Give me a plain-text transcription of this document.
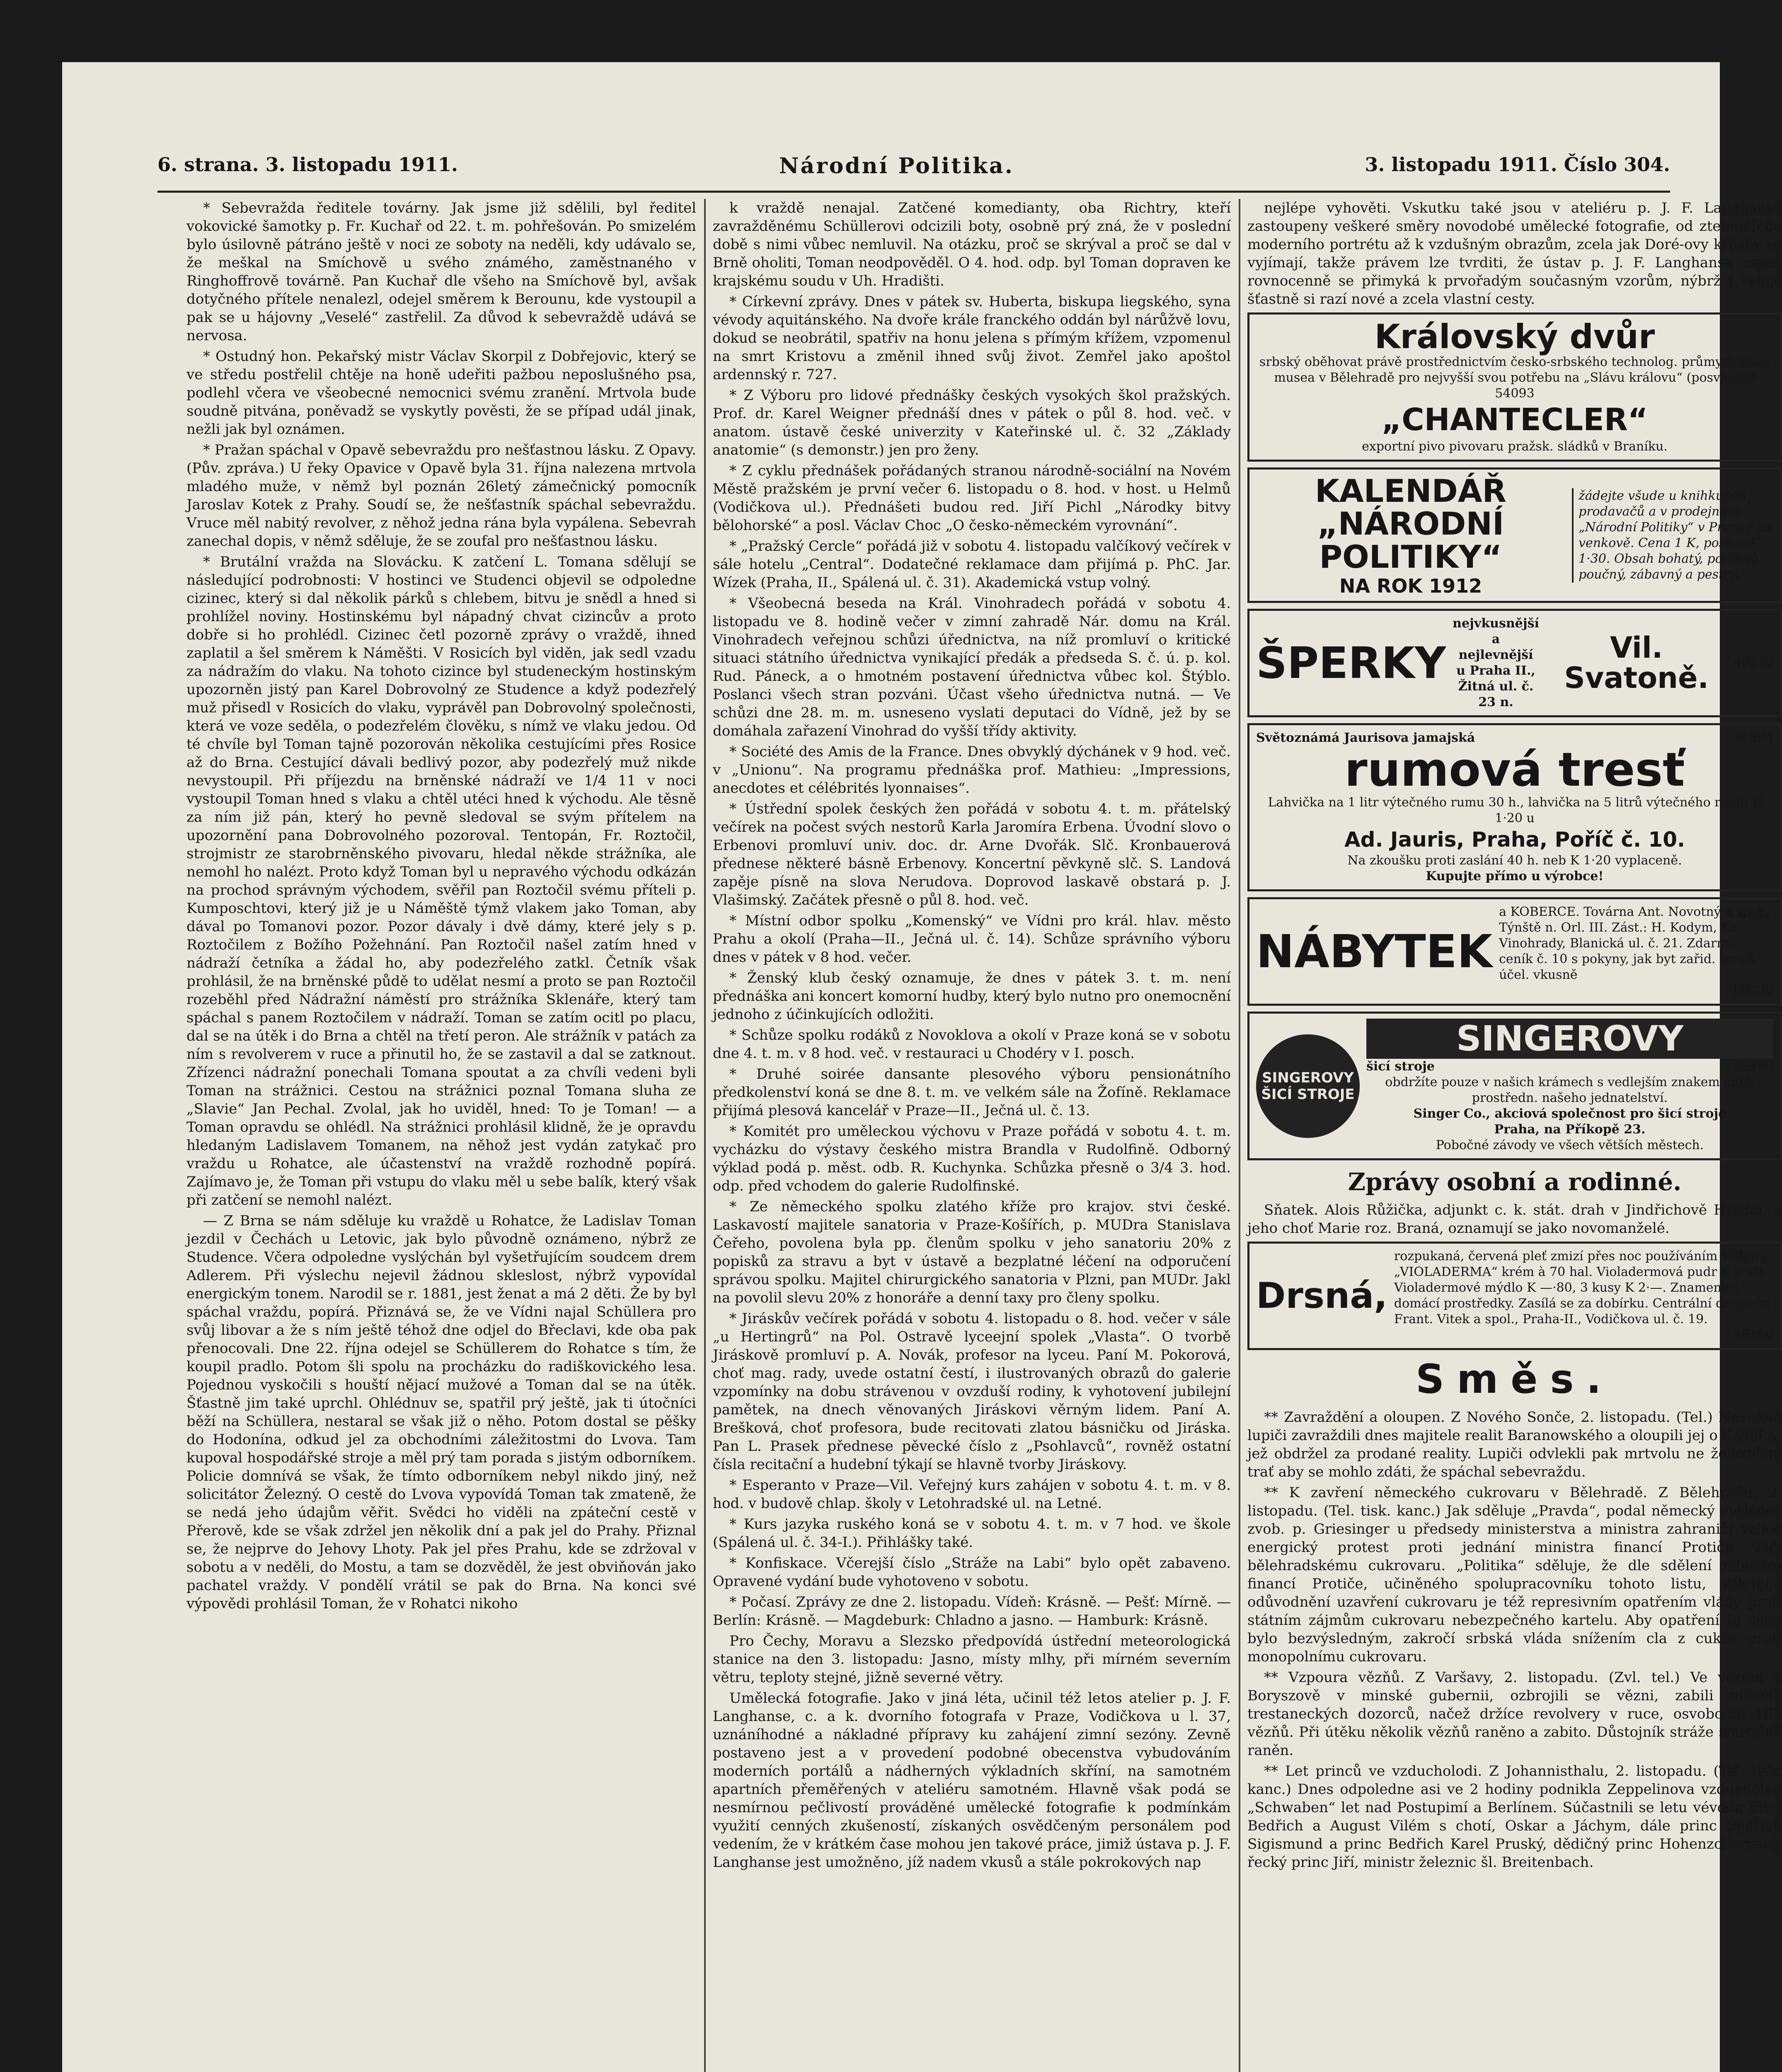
6. strana. 3. listopadu 1911.	Národní Politika.	3. listopadu 1911. Číslo 304.

* Sebevražda ředitele továrny. Jak jsme již sdělili, byl ředitel vokovické šamotky p. Fr. Kuchař od 22. t. m. pohřešován. Po smizelém bylo úsilovně pátráno ještě v noci ze soboty na neděli, kdy udávalo se, že meškal na Smíchově u svého známého, zaměstnaného v Ringhoffrově továrně. Pan Kuchař dle všeho na Smíchově byl, avšak dotyčného přítele nenalezl, odejel směrem k Berounu, kde vystoupil a pak se u hájovny „Veselé“ zastřelil. Za důvod k sebevraždě udává se nervosa.

* Ostudný hon. Pekařský mistr Václav Skorpil z Dobřejovic, který se ve středu postřelil chtěje na honě udeřiti pažbou neposlušného psa, podlehl včera ve všeobecné nemocnici svému zranění. Mrtvola bude soudně pitvána, poněvadž se vyskytly pověsti, že se případ udál jinak, nežli jak byl oznámen.

* Pražan spáchal v Opavě sebevraždu pro nešťastnou lásku. Z Opavy. (Pův. zpráva.) U řeky Opavice v Opavě byla 31. října nalezena mrtvola mladého muže, v němž byl poznán 26letý zámečnický pomocník Jaroslav Kotek z Prahy. Soudí se, že nešťastník spáchal sebevraždu. Vruce měl nabitý revolver, z něhož jedna rána byla vypálena. Sebevrah zanechal dopis, v němž sděluje, že se zoufal pro nešťastnou lásku.

* Brutální vražda na Slovácku. K zatčení L. Tomana sdělují se následující podrobnosti: V hostinci ve Studenci objevil se odpoledne cizinec, který si dal několik párků s chlebem, bitvu je snědl a hned si prohlížel noviny. Hostinskému byl nápadný chvat cizincův a proto dobře si ho prohlédl. Cizinec četl pozorně zprávy o vraždě, ihned zaplatil a šel směrem k Náměšti. V Rosicích byl viděn, jak sedl vzadu za nádražím do vlaku. Na tohoto cizince byl studeneckým hostinským upozorněn jistý pan Karel Dobrovolný ze Studence a když podezřelý muž přisedl v Rosicích do vlaku, vyprávěl pan Dobrovolný společnosti, která ve voze seděla, o podezřelém člověku, s nímž ve vlaku jedou. Od té chvíle byl Toman tajně pozorován několika cestujícími přes Rosice až do Brna. Cestující dávali bedlivý pozor, aby podezřelý muž nikde nevystoupil. Při příjezdu na brněnské nádraží ve 1/4 11 v noci vystoupil Toman hned s vlaku a chtěl utéci hned k východu. Ale těsně za ním již pán, který ho pevně sledoval se svým přítelem na upozornění pana Dobrovolného pozoroval. Tentopán, Fr. Roztočil, strojmistr ze starobrněnského pivovaru, hledal někde strážníka, ale nemohl ho nalézt. Proto když Toman byl u nepravého východu odkázán na prochod správným východem, svěřil pan Roztočil svému příteli p. Kumposchtovi, který již je u Náměště týmž vlakem jako Toman, aby dával po Tomanovi pozor. Pozor dávaly i dvě dámy, které jely s p. Roztočilem z Božího Požehnání. Pan Roztočil našel zatím hned v nádraží četníka a žádal ho, aby podezřelého zatkl. Četník však prohlásil, že na brněnské půdě to udělat nesmí a proto se pan Roztočil rozeběhl před Nádražní náměstí pro strážníka Sklenáře, který tam spáchal s panem Roztočilem v nádraží. Toman se zatím ocitl po placu, dal se na útěk i do Brna a chtěl na třetí peron. Ale strážník v patách za ním s revolverem v ruce a přinutil ho, že se zastavil a dal se zatknout. Zřízenci nádražní ponechali Tomana spoutat a za chvíli vedeni byli Toman na strážnici. Cestou na strážnici poznal Tomana sluha ze „Slavie“ Jan Pechal. Zvolal, jak ho uviděl, hned: To je Toman! — a Toman opravdu se ohlédl. Na strážnici prohlásil klidně, že je opravdu hledaným Ladislavem Tomanem, na něhož jest vydán zatykač pro vraždu u Rohatce, ale účastenství na vraždě rozhodně popírá. Zajímavo je, že Toman při vstupu do vlaku měl u sebe balík, který však při zatčení se nemohl nalézt.

— Z Brna se nám sděluje ku vraždě u Rohatce, že Ladislav Toman jezdil v Čechách u Letovic, jak bylo původně oznámeno, nýbrž ze Studence. Včera odpoledne vyslýchán byl vyšetřujícím soudcem drem Adlerem. Při výslechu nejevil žádnou skleslost, nýbrž vypovídal energickým tonem. Narodil se r. 1881, jest ženat a má 2 děti. Že by byl spáchal vraždu, popírá. Přiznává se, že ve Vídni najal Schüllera pro svůj libovar a že s ním ještě téhož dne odjel do Břeclavi, kde oba pak přenocovali. Dne 22. října odejel se Schüllerem do Rohatce s tím, že koupil pradlo. Potom šli spolu na procházku do radiškovického lesa. Pojednou vyskočili s houští nějací mužové a Toman dal se na útěk. Šťastně jim také uprchl. Ohlédnuv se, spatřil prý ještě, jak ti útočníci běží na Schüllera, nestaral se však již o něho. Potom dostal se pěšky do Hodonína, odkud jel za obchodními záležitostmi do Lvova. Tam kupoval hospodářské stroje a měl prý tam porada s jistým odborníkem. Policie domnívá se však, že tímto odborníkem nebyl nikdo jiný, než solicitátor Železný. O cestě do Lvova vypovídá Toman tak zmateně, že se nedá jeho údajům věřit. Svědci ho viděli na zpáteční cestě v Přerově, kde se však zdržel jen několik dní a pak jel do Prahy. Přiznal se, že nejprve do Jehovy Lhoty. Pak jel přes Prahu, kde se zdržoval v sobotu a v neděli, do Mostu, a tam se dozvěděl, že jest obviňován jako pachatel vraždy. V pondělí vrátil se pak do Brna. Na konci své výpovědi prohlásil Toman, že v Rohatci nikoho

k vraždě nenajal. Zatčené komedianty, oba Richtry, kteří zavražděnému Schüllerovi odcizili boty, osobně prý zná, že v poslední době s nimi vůbec nemluvil. Na otázku, proč se skrýval a proč se dal v Brně oholiti, Toman neodpověděl. O 4. hod. odp. byl Toman dopraven ke krajskému soudu v Uh. Hradišti.

* Církevní zprávy. Dnes v pátek sv. Huberta, biskupa liegského, syna vévody aquitánského. Na dvoře krále franckého oddán byl nárůžvě lovu, dokud se neobrátil, spatřiv na honu jelena s přímým křížem, vzpomenul na smrt Kristovu a změnil ihned svůj život. Zemřel jako apoštol ardennský r. 727.

* Z Výboru pro lidové přednášky českých vysokých škol pražských. Prof. dr. Karel Weigner přednáší dnes v pátek o půl 8. hod. več. v anatom. ústavě české univerzity v Kateřinské ul. č. 32 „Základy anatomie“ (s demonstr.) jen pro ženy.

* Z cyklu přednášek pořádaných stranou národně-sociální na Novém Městě pražském je první večer 6. listopadu o 8. hod. v host. u Helmů (Vodičkova ul.). Přednášeti budou red. Jiří Pichl „Národky bitvy bělohorské“ a posl. Václav Choc „O česko-německém vyrovnání“.

* „Pražský Cercle“ pořádá již v sobotu 4. listopadu valčíkový večírek v sále hotelu „Central“. Dodatečné reklamace dam přijímá p. PhC. Jar. Wízek (Praha, II., Spálená ul. č. 31). Akademická vstup volný.

* Všeobecná beseda na Král. Vinohradech pořádá v sobotu 4. listopadu ve 8. hodině večer v zimní zahradě Nár. domu na Král. Vinohradech veřejnou schůzi úřednictva, na níž promluví o kritické situaci státního úřednictva vynikající předák a předseda S. č. ú. p. kol. Rud. Páneck, a o hmotném postavení úřednictva vůbec kol. Štýblo. Poslanci všech stran pozváni. Účast všeho úřednictva nutná. — Ve schůzi dne 28. m. m. usneseno vyslati deputaci do Vídně, jež by se domáhala zařazení Vinohrad do vyšší třídy aktivity.

* Société des Amis de la France. Dnes obvyklý dýchánek v 9 hod. več. v „Unionu“. Na programu přednáška prof. Mathieu: „Impressions, anecdotes et célébrités lyonnaises“.

* Ústřední spolek českých žen pořádá v sobotu 4. t. m. přátelský večírek na počest svých nestorů Karla Jaromíra Erbena. Úvodní slovo o Erbenovi promluví univ. doc. dr. Arne Dvořák. Slč. Kronbauerová přednese některé básně Erbenovy. Koncertní pěvkyně slč. S. Landová zapěje písně na slova Nerudova. Doprovod laskavě obstará p. J. Vlašimský. Začátek přesně o půl 8. hod. več.

* Místní odbor spolku „Komenský“ ve Vídni pro král. hlav. město Prahu a okolí (Praha—II., Ječná ul. č. 14). Schůze správního výboru dnes v pátek v 8 hod. večer.

* Ženský klub český oznamuje, že dnes v pátek 3. t. m. není přednáška ani koncert komorní hudby, který bylo nutno pro onemocnění jednoho z účinkujících odložiti.

* Schůze spolku rodáků z Novoklova a okolí v Praze koná se v sobotu dne 4. t. m. v 8 hod. več. v restauraci u Chodéry v I. posch.

* Druhé soirée dansante plesového výboru pensionátního předkolenství koná se dne 8. t. m. ve velkém sále na Žofíně. Reklamace přijímá plesová kancelář v Praze—II., Ječná ul. č. 13.

* Komitét pro uměleckou výchovu v Praze pořádá v sobotu 4. t. m. vycházku do výstavy českého mistra Brandla v Rudolfině. Odborný výklad podá p. měst. odb. R. Kuchynka. Schůzka přesně o 3/4 3. hod. odp. před vchodem do galerie Rudolfinské.

* Ze německého spolku zlatého kříže pro krajov. stvi české. Laskavostí majitele sanatoria v Praze-Košířích, p. MUDra Stanislava Čeřeho, povolena byla pp. členům spolku v jeho sanatoriu 20% z popisků za stravu a byt v ústavě a bezplatné léčení na odporučení správou spolku. Majitel chirurgického sanatoria v Plzni, pan MUDr. Jakl na povolil slevu 20% z honoráře a denní taxy pro členy spolku.

* Jiráskův večírek pořádá v sobotu 4. listopadu o 8. hod. večer v sále „u Hertingrů“ na Pol. Ostravě lyceejní spolek „Vlasta“. O tvorbě Jiráskově promluví p. A. Novák, profesor na lyceu. Paní M. Pokorová, choť mag. rady, uvede ostatní čestí, i ilustrovaných obrazů do galerie vzpomínky na dobu strávenou v ovzduší rodiny, k vyhotovení jubilejní pamětek, na dnech věnovaných Jiráskovi věrným lidem. Paní A. Brešková, choť profesora, bude recitovati zlatou básničku od Jiráska. Pan L. Prasek přednese pěvecké číslo z „Psohlavců“, rovněž ostatní čísla recitační a hudební týkají se hlavně tvorby Jiráskovy.

* Esperanto v Praze—Vil. Veřejný kurs zahájen v sobotu 4. t. m. v 8. hod. v budově chlap. školy v Letohradské ul. na Letné.

* Kurs jazyka ruského koná se v sobotu 4. t. m. v 7 hod. ve škole (Spálená ul. č. 34-I.). Přihlášky také.

* Konfiskace. Včerejší číslo „Stráže na Labi“ bylo opět zabaveno. Opravené vydání bude vyhotoveno v sobotu.

* Počasí. Zprávy ze dne 2. listopadu. Vídeň: Krásně. — Pešť: Mírně. — Berlín: Krásně. — Magdeburk: Chladno a jasno. — Hamburk: Krásně.

Pro Čechy, Moravu a Slezsko předpovídá ústřední meteorologická stanice na den 3. listopadu: Jasno, místy mlhy, při mírném severním větru, teploty stejné, jižně severné větry.

Umělecká fotografie. Jako v jiná léta, učinil též letos atelier p. J. F. Langhanse, c. a k. dvorního fotografa v Praze, Vodičkova u l. 37, uznáníhodné a nákladné přípravy ku zahájení zimní sezóny. Zevně postaveno jest a v provedení podobné obecenstva vybudováním moderních portálů a nádherných výkladních skříní, na samotném apartních přeměřených v ateliéru samotném. Hlavně však podá se nesmírnou pečlivostí prováděné umělecké fotografie k podmínkám využití cenných zkušeností, získaných osvědčeným personálem pod vedením, že v krátkém čase mohou jen takové práce, jimiž ústava p. J. F. Langhanse jest umožněno, jíž nadem vkusů a stále pokrokových nap

nejlépe vyhověti. Vskutku také jsou v ateliéru p. J. F. Langhanse zastoupeny veškeré směry novodobé umělecké fotografie, od ztemnělého moderního portrétu až k vzdušným obrazům, zcela jak Doré-ovy kresby se vyjímají, takže právem lze tvrditi, že ústav p. J. F. Langhanse nejen rovnocenně se přimyká k prvořadým současným vzorům, nýbrž i velice šťastně si razí nové a zcela vlastní cesty.

Královský dvůr
srbský oběhovat právě prostřednictvím česko-srbského technolog. průmyslového musea v Bělehradě pro nejvyšší svou potřebu na „Slávu královu“ (posvícení) 54093
„CHANTECLER“
exportní pivo pivovaru pražsk. sládků v Braníku.
KALENDÁŘ
„NÁRODNÍ
POLITIKY“
NA ROK 1912
žádejte všude u knihkupců, prodavačů a v prodejnách „Národní Politiky“ v Praze i na venkově. Cena 1 K, poštou K 1·30. Obsah bohatý, poutavý, poučný, zábavný a pestrý.
ŠPERKY
nejvkusnější a nejlevnější u Praha II., Žitná ul. č. 23 n.
Vil. Svatoně.	46575
Světoznámá Jaurisova jamajská	U 294
rumová tresť
Lahvička na 1 litr výtečného rumu 30 h., lahvička na 5 litrů výtečného rumu K 1·20 u
Ad. Jauris, Praha, Poříč č. 10.
Na zkoušku proti zaslání 40 h. neb K 1·20 vyplaceně.
Kupujte přímo u výrobce!
NÁBYTEK
a KOBERCE. Továrna Ant. Novotný a spol., Týnště n. Orl. III. Zást.: H. Kodym, Kr. Vinohrady, Blanická ul. č. 21. Zdarma ceník č. 10 s pokyny, jak byt zařid. levně, účel. vkusně
56738
SINGEROVY ŠICÍ STROJE
SINGEROVY
šicí stroje	48163
obdržíte pouze v našich krámech s vedlejším znakem aneb prostředn. našeho jednatelství.
Singer Co., akciová společnost pro šicí stroje
Praha, na Příkopě 23.
Pobočné závody ve všech větších městech.
Zprávy osobní a rodinné.

Sňatek. Alois Růžička, adjunkt c. k. stát. drah v Jindřichově Hradci, a jeho choť Marie roz. Braná, oznamují se jako novomanželé.

Drsná,
rozpukaná, červená pleť zmizí přes noc používáním Vitkovy „VIOLADERMA“ krém à 70 hal. Violadermová pudr K 1·40, Violadermové mýdlo K —·80, 3 kusy K 2·—. Znamenité domácí prostředky. Zasílá se za dobírku. Centrální drogerie Frant. Vitek a spol., Praha-II., Vodičkova ul. č. 19.
46156
Směs.

** Zavraždění a oloupen. Z Nového Sonče, 2. listopadu. (Tel.) Neznámí lupiči zavraždili dnes majitele realit Baranowského a oloupili jej o 8.000 K, jež obdržel za prodané reality. Lupiči odvlekli pak mrtvolu ne železniční trať aby se mohlo zdáti, že spáchal sebevraždu.

** K zavření německého cukrovaru v Bělehradě. Z Bělehradu, 2. listopadu. (Tel. tisk. kanc.) Jak sděluje „Pravda“, podal německý vyslanec zvob. p. Griesinger u předsedy ministerstva a ministra zahraničí velice energický protest proti jednání ministra financí Protiče vůči bělehradskému cukrovaru. „Politika“ sděluje, že dle sdělení ministra financí Protiče, učiněného spolupracovníku tohoto listu, zákonné odůvodnění uzavření cukrovaru je též represivním opatřením vlády proti státním zájmům cukrovaru nebezpečného kartelu. Aby opatření to snad bylo bezvýsledným, zakročí srbská vláda snížením cla z cukru proti monopolnímu cukrovaru.

** Vzpoura vězňů. Z Varšavy, 2. listopadu. (Zvl. tel.) Ve vězení v Boryszově v minské gubernii, ozbrojili se vězni, zabili několik trestaneckých dozorců, načež držíce revolvery v ruce, osvobodili 105 vězňů. Při útěku několik vězňů raněno a zabito. Důstojník stráže smrtelně raněn.

** Let princů ve vzducholodi. Z Johannisthalu, 2. listopadu. (Tel. tisk. kanc.) Dnes odpoledne asi ve 2 hodiny podnikla Zeppelinova vzducholoď „Schwaben“ let nad Postupimí a Berlínem. Súčastnili se letu vévoda Eitel Bedřich a August Vilém s chotí, Oskar a Jáchym, dále princ Bedřich Sigismund a princ Bedřich Karel Pruský, dědičný princ Hohenzollernský, řecký princ Jiří, ministr železnic šl. Breitenbach.
